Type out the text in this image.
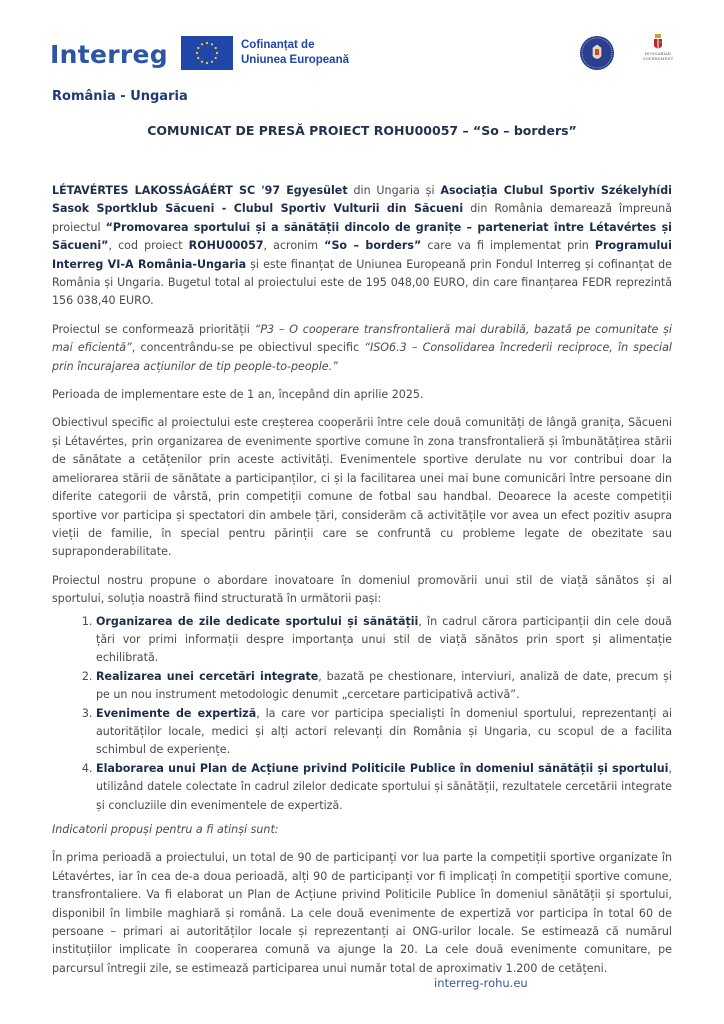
Interreg	Cofinanțat de
Uniunea Europeană
România - Ungaria
HUNGARIAN
GOVERNMENT
COMUNICAT DE PRESĂ PROIECT ROHU00057 – “So – borders”

LÉTAVÉRTES LAKOSSÁGÁÉRT SC '97 Egyesület din Ungaria și Asociația Clubul Sportiv Székelyhídi Sasok Sportklub Săcueni - Clubul Sportiv Vulturii din Săcueni din România demarează împreună proiectul “Promovarea sportului și a sănătății dincolo de granițe – parteneriat între Létavértes și Săcueni”, cod proiect ROHU00057, acronim “So – borders” care va fi implementat prin Programului Interreg VI-A România-Ungaria și este finanțat de Uniunea Europeană prin Fondul Interreg și cofinanțat de România și Ungaria. Bugetul total al proiectului este de 195 048,00 EURO, din care finanțarea FEDR reprezintă 156 038,40 EURO.

Proiectul se conformează priorității “P3 – O cooperare transfrontalieră mai durabilă, bazată pe comunitate și mai eficientă”, concentrându-se pe obiectivul specific “ISO6.3 – Consolidarea încrederii reciproce, în special prin încurajarea acțiunilor de tip people-to-people.”

Perioada de implementare este de 1 an, începând din aprilie 2025.

Obiectivul specific al proiectului este creșterea cooperării între cele două comunități de lângă granița, Săcueni și Létavértes, prin organizarea de evenimente sportive comune în zona transfrontalieră și îmbunătățirea stării de sănătate a cetățenilor prin aceste activități. Evenimentele sportive derulate nu vor contribui doar la ameliorarea stării de sănătate a participanților, ci și la facilitarea unei mai bune comunicări între persoane din diferite categorii de vârstă, prin competiții comune de fotbal sau handbal. Deoarece la aceste competiții sportive vor participa și spectatori din ambele țări, considerăm că activitățile vor avea un efect pozitiv asupra vieții de familie, în special pentru părinții care se confruntă cu probleme legate de obezitate sau supraponderabilitate.

Proiectul nostru propune o abordare inovatoare în domeniul promovării unui stil de viață sănătos și al sportului, soluția noastră fiind structurată în următorii pași:

1. Organizarea de zile dedicate sportului și sănătății, în cadrul cărora participanții din cele două țări vor primi informații despre importanța unui stil de viață sănătos prin sport și alimentație echilibrată.
2. Realizarea unei cercetări integrate, bazată pe chestionare, interviuri, analiză de date, precum și pe un nou instrument metodologic denumit „cercetare participativă activă”.
3. Evenimente de expertiză, la care vor participa specialiști în domeniul sportului, reprezentanți ai autorităților locale, medici și alți actori relevanți din România și Ungaria, cu scopul de a facilita schimbul de experiențe.
4. Elaborarea unui Plan de Acțiune privind Politicile Publice în domeniul sănătății și sportului, utilizând datele colectate în cadrul zilelor dedicate sportului și sănătății, rezultatele cercetării integrate și concluziile din evenimentele de expertiză.

Indicatorii propuși pentru a fi atinși sunt:

În prima perioadă a proiectului, un total de 90 de participanți vor lua parte la competiții sportive organizate în Létavértes, iar în cea de-a doua perioadă, alți 90 de participanți vor fi implicați în competiții sportive comune, transfrontaliere. Va fi elaborat un Plan de Acțiune privind Politicile Publice în domeniul sănătății și sportului, disponibil în limbile maghiară și română. La cele două evenimente de expertiză vor participa în total 60 de persoane – primari ai autorităților locale și reprezentanți ai ONG-urilor locale. Se estimează că numărul instituțiilor implicate în cooperarea comună va ajunge la 20. La cele două evenimente comunitare, pe parcursul întregii zile, se estimează participarea unui număr total de aproximativ 1.200 de cetățeni.

interreg-rohu.eu
